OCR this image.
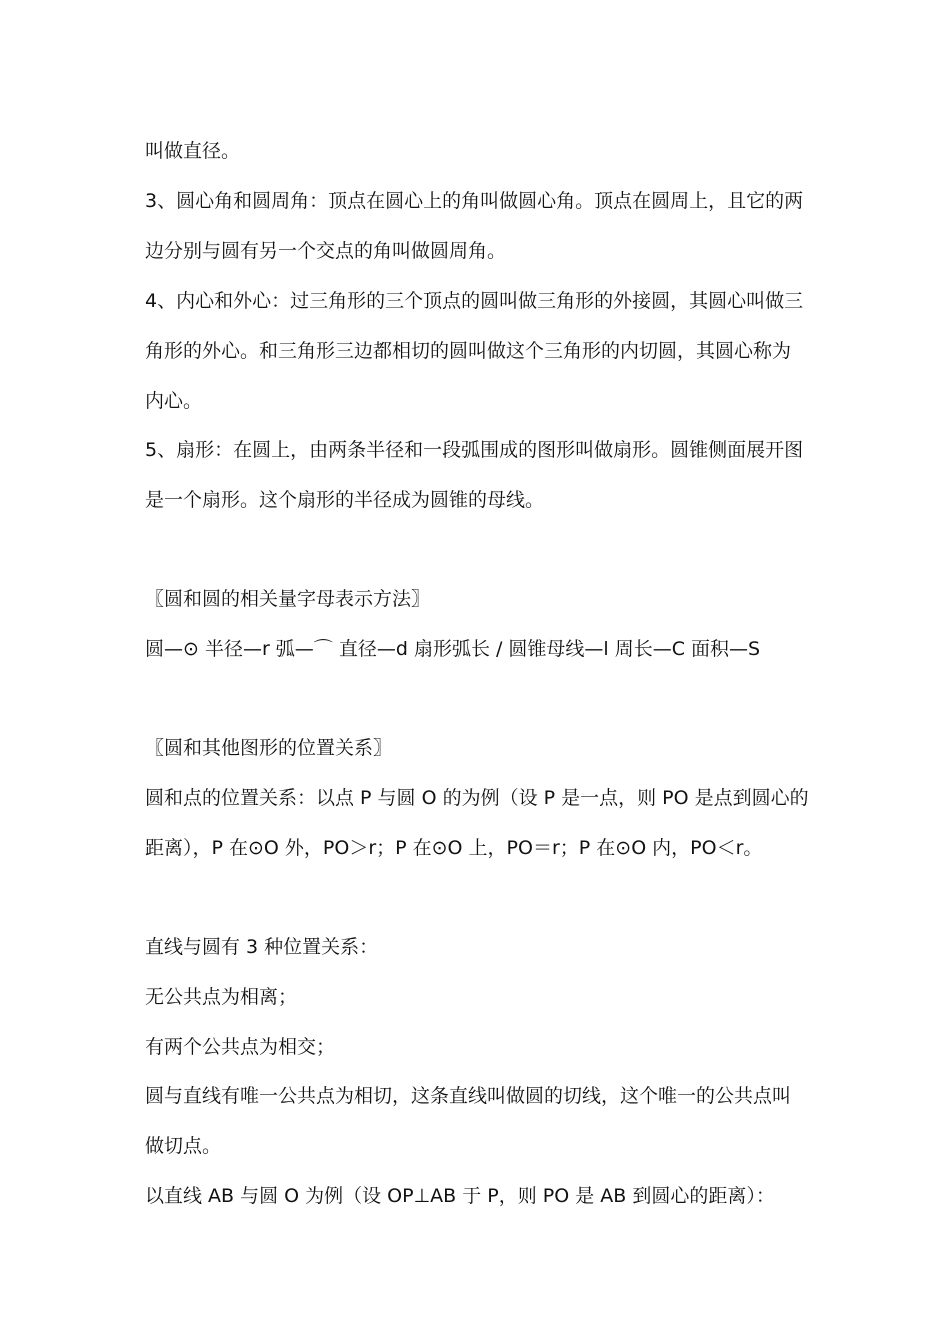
叫做直径。
3、圆心角和圆周角：顶点在圆心上的角叫做圆心角。顶点在圆周上，且它的两
边分别与圆有另一个交点的角叫做圆周角。
4、内心和外心：过三角形的三个顶点的圆叫做三角形的外接圆，其圆心叫做三
角形的外心。和三角形三边都相切的圆叫做这个三角形的内切圆，其圆心称为
内心。
5、扇形：在圆上，由两条半径和一段弧围成的图形叫做扇形。圆锥侧面展开图
是一个扇形。这个扇形的半径成为圆锥的母线。
〖圆和圆的相关量字母表示方法〗
圆—⊙ 半径—r 弧—⌒ 直径—d 扇形弧长 / 圆锥母线—l 周长—C 面积—S
〖圆和其他图形的位置关系〗
圆和点的位置关系：以点 P 与圆 O 的为例（设 P 是一点，则 PO 是点到圆心的
距离），P 在⊙O 外，PO＞r；P 在⊙O 上，PO＝r；P 在⊙O 内，PO＜r。
直线与圆有 3 种位置关系：
无公共点为相离；
有两个公共点为相交；
圆与直线有唯一公共点为相切，这条直线叫做圆的切线，这个唯一的公共点叫
做切点。
以直线 AB 与圆 O 为例（设 OP⊥AB 于 P，则 PO 是 AB 到圆心的距离）：
